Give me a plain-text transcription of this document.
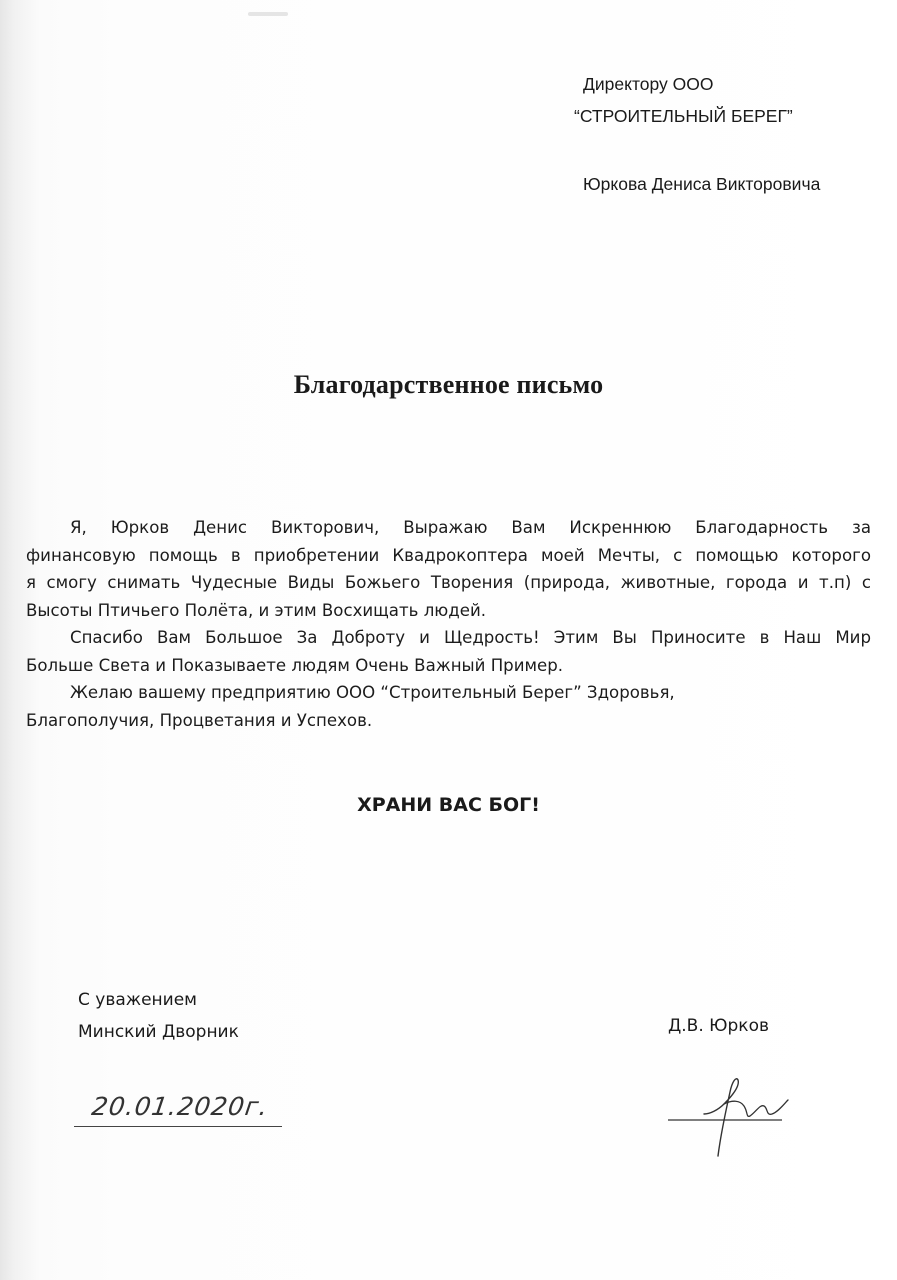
Директору ООО
“СТРОИТЕЛЬНЫЙ БЕРЕГ”
Юркова Дениса Викторовича
Благодарственное письмо

Я, Юрков Денис Викторович, Выражаю Вам Искреннюю Благодарность за

финансовую помощь в приобретении Квадрокоптера моей Мечты, с помощью которого

я смогу снимать Чудесные Виды Божьего Творения (природа, животные, города и т.п) с

Высоты Птичьего Полёта, и этим Восхищать людей.

Спасибо Вам Большое За Доброту и Щедрость! Этим Вы Приносите в Наш Мир

Больше Света и Показываете людям Очень Важный Пример.

Желаю вашему предприятию ООО “Строительный Берег” Здоровья,

Благополучия, Процветания и Успехов.

ХРАНИ ВАС БОГ!
С уважением
Минский Дворник	Д.В. Юрков
20.01.2020г.
